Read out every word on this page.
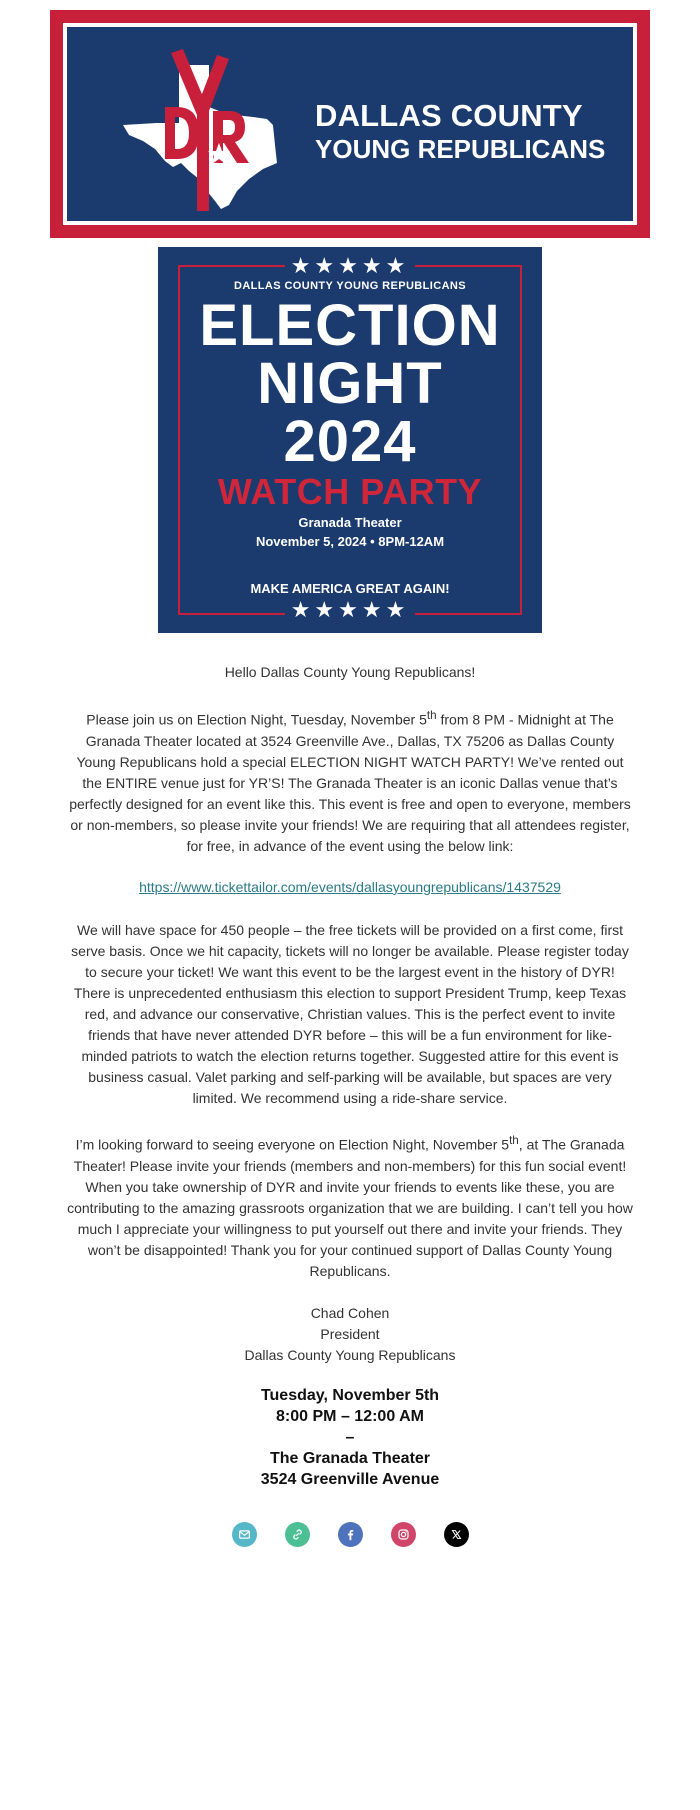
DALLAS COUNTY
YOUNG REPUBLICANS
★★★★★
DALLAS COUNTY YOUNG REPUBLICANS
ELECTION
NIGHT
2024
WATCH PARTY
Granada Theater
November 5, 2024 • 8PM-12AM
MAKE AMERICA GREAT AGAIN!
★★★★★
Hello Dallas County Young Republicans!
Please join us on Election Night, Tuesday, November 5th from 8 PM - Midnight at The Granada Theater located at 3524 Greenville Ave., Dallas, TX 75206 as Dallas County Young Republicans hold a special ELECTION NIGHT WATCH PARTY! We’ve rented out the ENTIRE venue just for YR’S! The Granada Theater is an iconic Dallas venue that’s perfectly designed for an event like this. This event is free and open to everyone, members or non-members, so please invite your friends! We are requiring that all attendees register, for free, in advance of the event using the below link:
https://www.tickettailor.com/events/dallasyoungrepublicans/1437529
We will have space for 450 people – the free tickets will be provided on a first come, first serve basis. Once we hit capacity, tickets will no longer be available. Please register today to secure your ticket! We want this event to be the largest event in the history of DYR! There is unprecedented enthusiasm this election to support President Trump, keep Texas red, and advance our conservative, Christian values. This is the perfect event to invite friends that have never attended DYR before – this will be a fun environment for like-minded patriots to watch the election returns together. Suggested attire for this event is business casual. Valet parking and self-parking will be available, but spaces are very limited. We recommend using a ride-share service.
I’m looking forward to seeing everyone on Election Night, November 5th, at The Granada Theater! Please invite your friends (members and non-members) for this fun social event! When you take ownership of DYR and invite your friends to events like these, you are contributing to the amazing grassroots organization that we are building. I can’t tell you how much I appreciate your willingness to put yourself out there and invite your friends. They won’t be disappointed! Thank you for your continued support of Dallas County Young Republicans.
Chad Cohen
President
Dallas County Young Republicans
Tuesday, November 5th
8:00 PM – 12:00 AM
–
The Granada Theater
3524 Greenville Avenue
